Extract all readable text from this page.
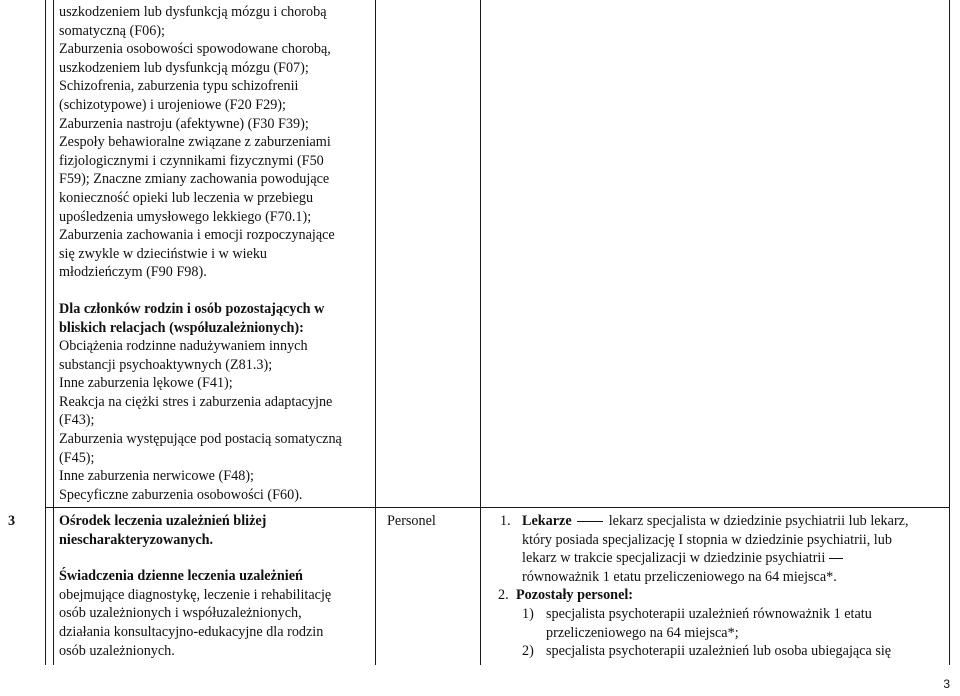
uszkodzeniem lub dysfunkcją mózgu i chorobą

somatyczną (F06);

Zaburzenia osobowości spowodowane chorobą,

uszkodzeniem lub dysfunkcją mózgu (F07);

Schizofrenia, zaburzenia typu schizofrenii

(schizotypowe) i urojeniowe (F20 F29);

Zaburzenia nastroju (afektywne) (F30 F39);

Zespoły behawioralne związane z zaburzeniami

fizjologicznymi i czynnikami fizycznymi (F50

F59); Znaczne zmiany zachowania powodujące

konieczność opieki lub leczenia w przebiegu

upośledzenia umysłowego lekkiego (F70.1);

Zaburzenia zachowania i emocji rozpoczynające

się zwykle w dzieciństwie i w wieku

młodzieńczym (F90 F98).

Dla członków rodzin i osób pozostających w

bliskich relacjach (współuzależnionych):

Obciążenia rodzinne nadużywaniem innych

substancji psychoaktywnych (Z81.3);

Inne zaburzenia lękowe (F41);

Reakcja na ciężki stres i zaburzenia adaptacyjne

(F43);

Zaburzenia występujące pod postacią somatyczną

(F45);

Inne zaburzenia nerwicowe (F48);

Specyficzne zaburzenia osobowości (F60).

3	Ośrodek leczenia uzależnień bliżej

niescharakteryzowanych.

Świadczenia dzienne leczenia uzależnień

obejmujące diagnostykę, leczenie i rehabilitację

osób uzależnionych i współuzależnionych,

działania konsultacyjno-edukacyjne dla rodzin

osób uzależnionych.

Personel	1. Lekarze  lekarz specjalista w dziedzinie psychiatrii lub lekarz,
który posiada specjalizację I stopnia w dziedzinie psychiatrii, lub
lekarz w trakcie specjalizacji w dziedzinie psychiatrii
równoważnik 1 etatu przeliczeniowego na 64 miejsca*.
2. Pozostały personel:
1) specjalista psychoterapii uzależnień równoważnik 1 etatu
przeliczeniowego na 64 miejsca*;
2) specjalista psychoterapii uzależnień lub osoba ubiegająca się
3
